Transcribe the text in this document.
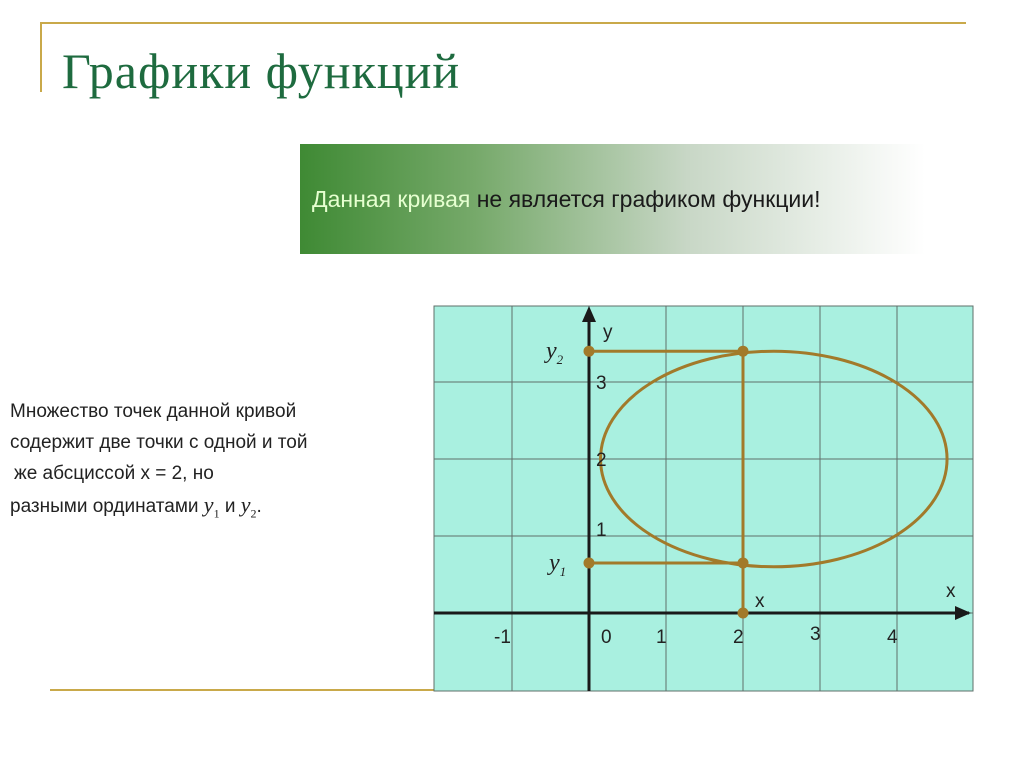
Графики функций
Данная кривая не является графиком функции!
Множество точек данной кривой
содержит две точки с одной и той
же абсциссой x = 2, но
разными ординатами $y_1$ и $y_2$.
x
y
-1	0 1	2	3	4
1
2
3
$y_2$
$y_1$
x
